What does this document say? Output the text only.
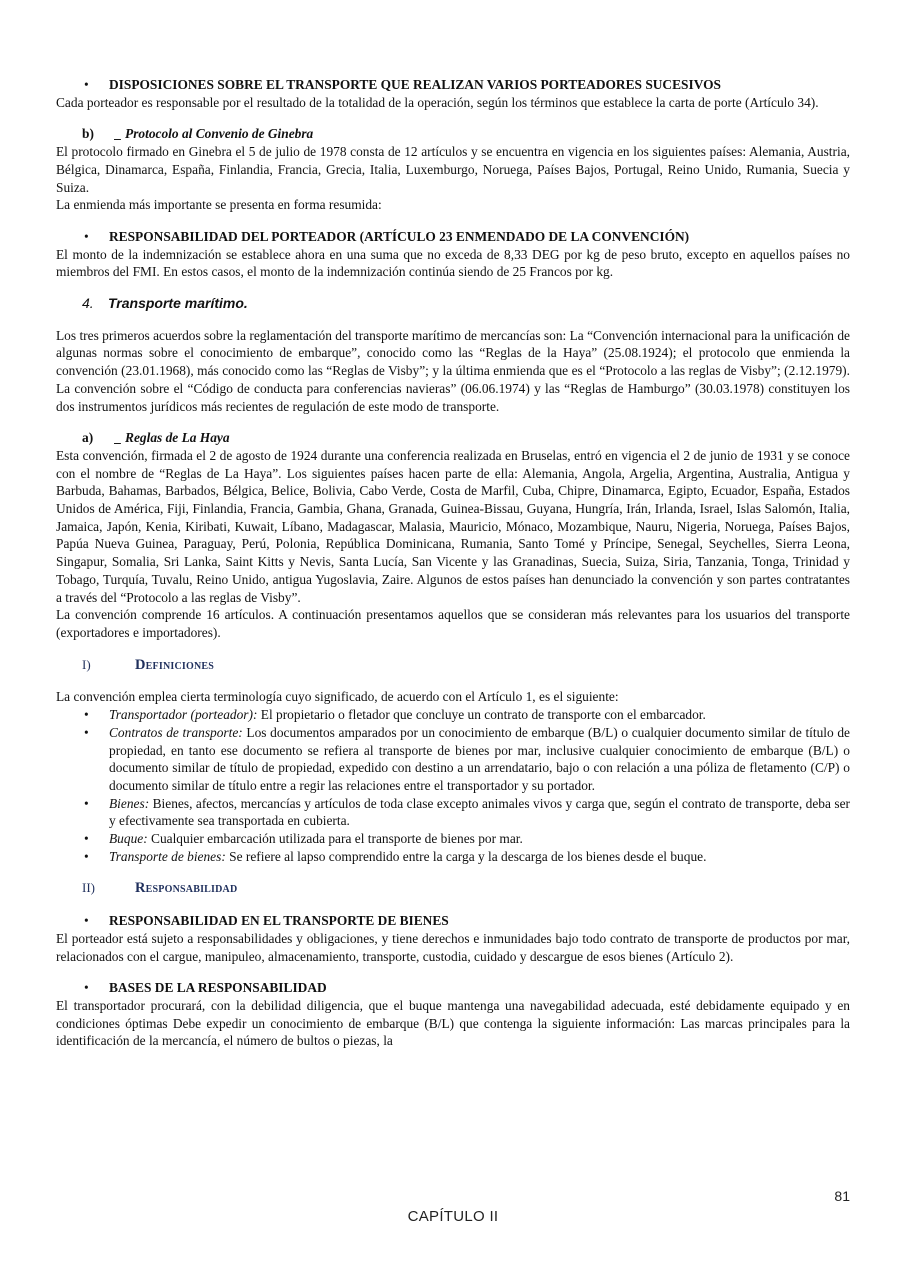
• DISPOSICIONES SOBRE EL TRANSPORTE QUE REALIZAN VARIOS PORTEADORES SUCESIVOS

Cada porteador es responsable por el resultado de la totalidad de la operación, según los términos que establece la carta de porte (Artículo 34).

b) _ Protocolo al Convenio de Ginebra

El protocolo firmado en Ginebra el 5 de julio de 1978 consta de 12 artículos y se encuentra en vigencia en los siguientes países: Alemania, Austria, Bélgica, Dinamarca, España, Finlandia, Francia, Grecia, Italia, Luxemburgo, Noruega, Países Bajos, Portugal, Reino Unido, Rumania, Suecia y Suiza.

La enmienda más importante se presenta en forma resumida:

• RESPONSABILIDAD DEL PORTEADOR (ARTÍCULO 23 ENMENDADO DE LA CONVENCIÓN)

El monto de la indemnización se establece ahora en una suma que no exceda de 8,33 DEG por kg de peso bruto, excepto en aquellos países no miembros del FMI. En estos casos, el monto de la indemnización continúa siendo de 25 Francos por kg.

4. Transporte marítimo.

Los tres primeros acuerdos sobre la reglamentación del transporte marítimo de mercancías son: La “Convención internacional para la unificación de algunas normas sobre el conocimiento de embarque”, conocido como las “Reglas de la Haya” (25.08.1924); el protocolo que enmienda la convención (23.01.1968), más conocido como las “Reglas de Visby”; y la última enmienda que es el “Protocolo a las reglas de Visby”; (2.12.1979). La convención sobre el “Código de conducta para conferencias navieras” (06.06.1974) y las “Reglas de Hamburgo” (30.03.1978) constituyen los dos instrumentos jurídicos más recientes de regulación de este modo de transporte.

a) _ Reglas de La Haya

Esta convención, firmada el 2 de agosto de 1924 durante una conferencia realizada en Bruselas, entró en vigencia el 2 de junio de 1931 y se conoce con el nombre de “Reglas de La Haya”. Los siguientes países hacen parte de ella: Alemania, Angola, Argelia, Argentina, Australia, Antigua y Barbuda, Bahamas, Barbados, Bélgica, Belice, Bolivia, Cabo Verde, Costa de Marfil, Cuba, Chipre, Dinamarca, Egipto, Ecuador, España, Estados Unidos de América, Fiji, Finlandia, Francia, Gambia, Ghana, Granada, Guinea-Bissau, Guyana, Hungría, Irán, Irlanda, Israel, Islas Salomón, Italia, Jamaica, Japón, Kenia, Kiribati, Kuwait, Líbano, Madagascar, Malasia, Mauricio, Mónaco, Mozambique, Nauru, Nigeria, Noruega, Países Bajos, Papúa Nueva Guinea, Paraguay, Perú, Polonia, República Dominicana, Rumania, Santo Tomé y Príncipe, Senegal, Seychelles, Sierra Leona, Singapur, Somalia, Sri Lanka, Saint Kitts y Nevis, Santa Lucía, San Vicente y las Granadinas, Suecia, Suiza, Siria, Tanzania, Tonga, Trinidad y Tobago, Turquía, Tuvalu, Reino Unido, antigua Yugoslavia, Zaire. Algunos de estos países han denunciado la convención y son partes contratantes a través del “Protocolo a las reglas de Visby”.

La convención comprende 16 artículos. A continuación presentamos aquellos que se consideran más relevantes para los usuarios del transporte (exportadores e importadores).

I)	Definiciones

La convención emplea cierta terminología cuyo significado, de acuerdo con el Artículo 1, es el siguiente:

• Transportador (porteador): El propietario o fletador que concluye un contrato de transporte con el embarcador.
• Contratos de transporte: Los documentos amparados por un conocimiento de embarque (B/L) o cualquier documento similar de título de propiedad, en tanto ese documento se refiera al transporte de bienes por mar, inclusive cualquier conocimiento de embarque (B/L) o documento similar de título de propiedad, expedido con destino a un arrendatario, bajo o con relación a una póliza de fletamento (C/P) o documento similar de título entre a regir las relaciones entre el transportador y su portador.
• Bienes: Bienes, afectos, mercancías y artículos de toda clase excepto animales vivos y carga que, según el contrato de transporte, deba ser y efectivamente sea transportada en cubierta.
• Buque: Cualquier embarcación utilizada para el transporte de bienes por mar.
• Transporte de bienes: Se refiere al lapso comprendido entre la carga y la descarga de los bienes desde el buque.
II)	Responsabilidad
• RESPONSABILIDAD EN EL TRANSPORTE DE BIENES

El porteador está sujeto a responsabilidades y obligaciones, y tiene derechos e inmunidades bajo todo contrato de transporte de productos por mar, relacionados con el cargue, manipuleo, almacenamiento, transporte, custodia, cuidado y descargue de esos bienes (Artículo 2).

• BASES DE LA RESPONSABILIDAD

El transportador procurará, con la debilidad diligencia, que el buque mantenga una navegabilidad adecuada, esté debidamente equipado y en condiciones óptimas Debe expedir un conocimiento de embarque (B/L) que contenga la siguiente información: Las marcas principales para la identificación de la mercancía, el número de bultos o piezas, la

81
CAPÍTULO II
